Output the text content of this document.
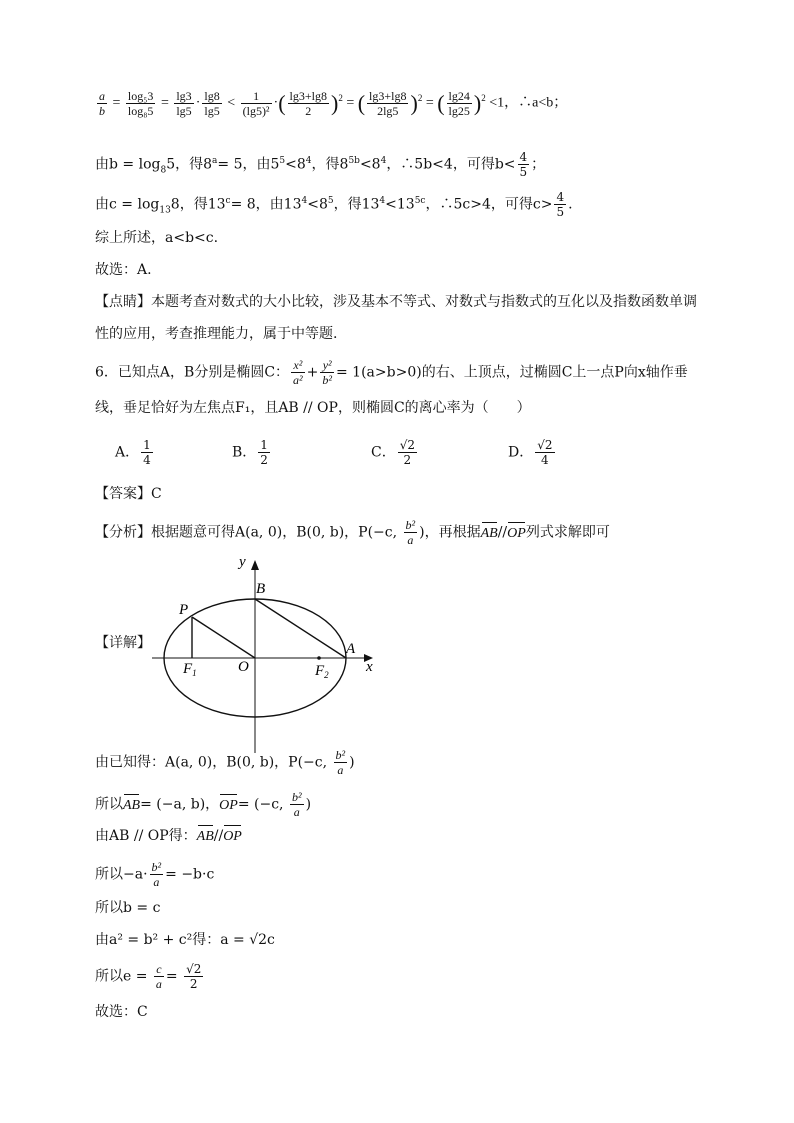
$\frac{a}{b} = \frac{\text{log₅3}}{\text{log₈5}} = \frac{\lg 3}{\lg 5} \cdot \frac{\lg 8}{\lg 5} < \frac{1}{\text{(lg5)²}}$ ·( $\frac{\lg 3+\lg 8}{2} )^2$ = ( $\frac{\lg 3+\lg 8}{2\lg 5} )^2$ = ( $\frac{\lg 24}{\lg 25} )^2 <1$，∴a<b；
由$b = \log_85$，得$8^a= 5$，由$5^5<8^4$，得$8^{5b}<8^4$，∴5b<4，可得$b< \frac{4}{5}$ ；
由$c = \log_{13}8$，得$13^c= 8$，由$13^4<8^5$，得$13^4<13^{5c}$，∴5c>4，可得$c> \frac{4}{5}$ .
综上所述，a<b<c.
故选：A.
【点睛】本题考查对数式的大小比较，涉及基本不等式、对数式与指数式的互化以及指数函数单调
性的应用，考查推理能力，属于中等题.
6．已知点A，B分别是椭圆C： $\frac{\text{x²}}{\text{a²}} + \frac{\text{y²}}{\text{b²}} = 1(a>b>0)$的右、上顶点，过椭圆C上一点P向x轴作垂
线，垂足恰好为左焦点F₁，且AB // OP，则椭圆C的离心率为（　　）
A． $\frac{1}{4}$	B． $\frac{1}{2}$	C． $\frac{√2}{2}$	D． $\frac{√2}{4}$
【答案】C
【分析】根据题意可得A(a, 0)，B(0, b)，P(−c, $\frac{\text{b²}}{a}$ )，再根据AB//OP列式求解即可
【详解】
y
x
B
P
A
O
$F_1$	$F_2$
由已知得：A(a, 0)，B(0, b)，P(−c, $\frac{\text{b²}}{a}$ )
所以AB= (−a, b)，OP= (−c, $\frac{\text{b²}}{a}$ )
由AB // OP得：AB//OP
所以$-a\cdot \frac{\text{b²}}{a} = -b\cdot c$
所以b = c
由a² = b² + c²得：a = √2c
所以$e = \frac{c}{a} = \frac{√2}{2}$
故选：C
